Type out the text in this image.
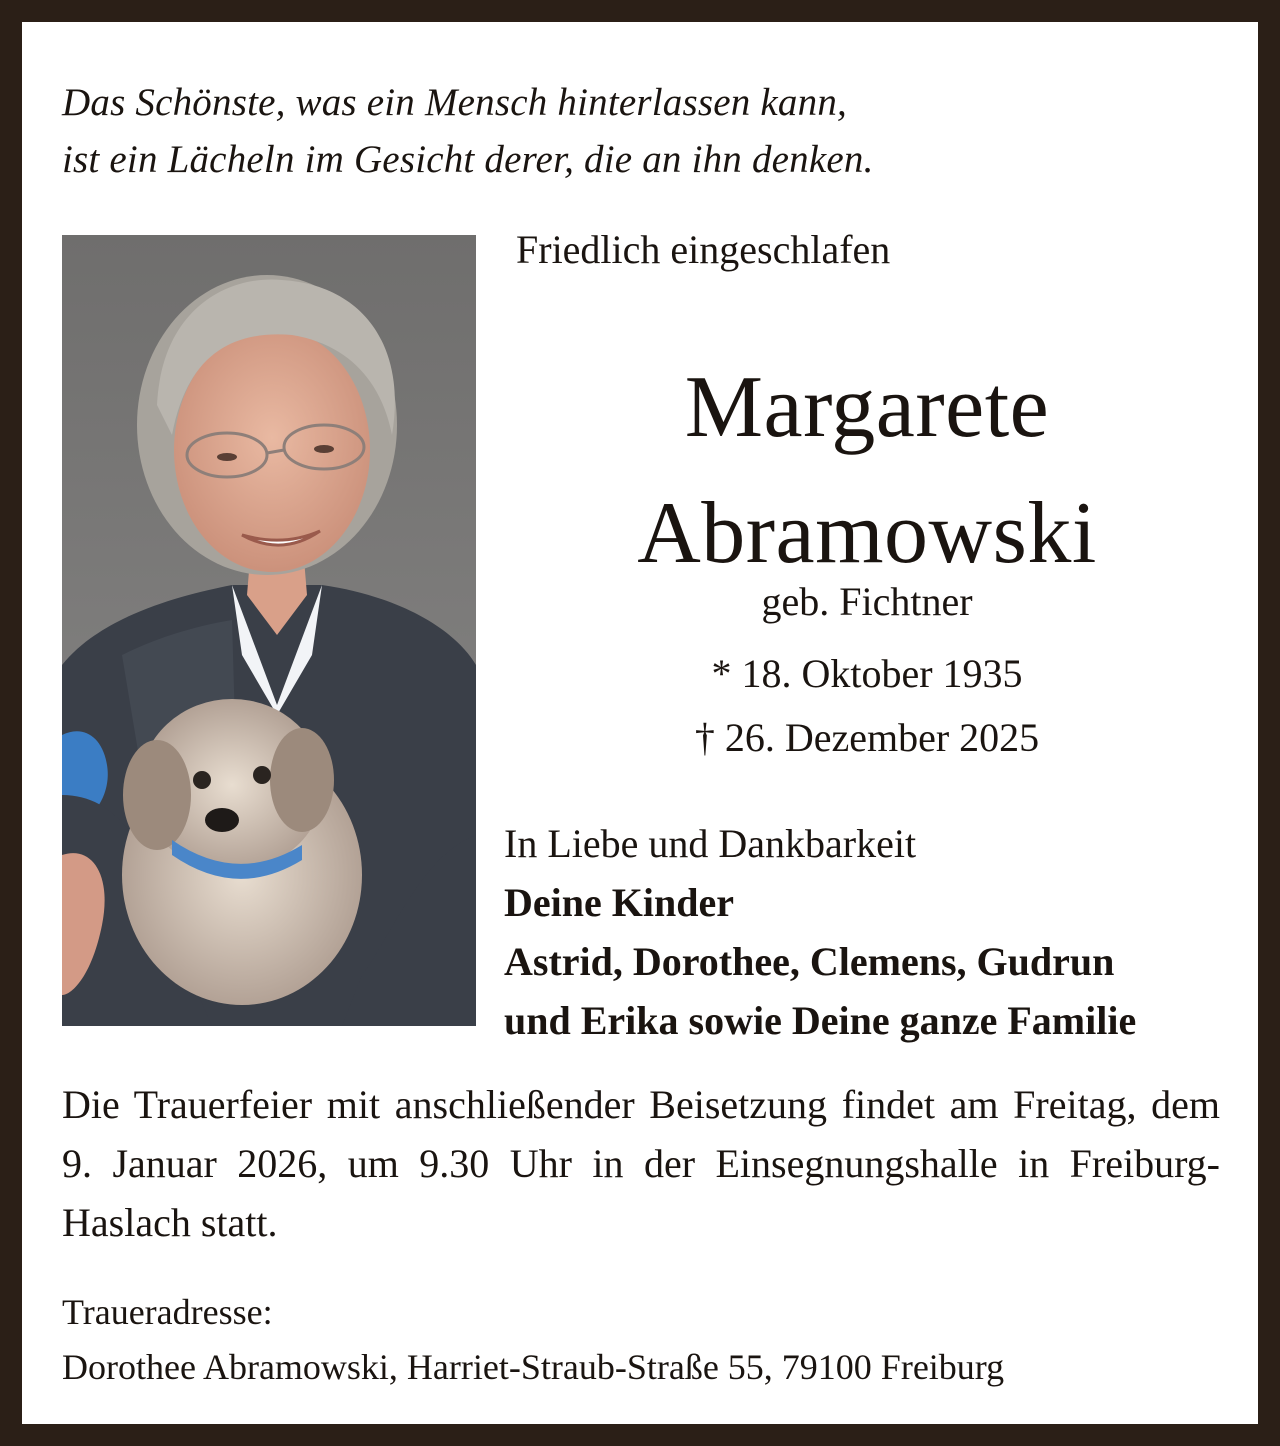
Das Schönste, was ein Mensch hinterlassen kann,
ist ein Lächeln im Gesicht derer, die an ihn denken.
Friedlich eingeschlafen
Margarete
Abramowski
geb. Fichtner
* 18. Oktober 1935
† 26. Dezember 2025
In Liebe und Dankbarkeit
Deine Kinder
Astrid, Dorothee, Clemens, Gudrun
und Erika sowie Deine ganze Familie
Die Trauerfeier mit anschließender Beisetzung findet am Freitag, dem 9. Januar 2026, um 9.30 Uhr in der Einsegnungshalle in Freiburg-Haslach statt.
Traueradresse:
Dorothee Abramowski, Harriet-Straub-Straße 55, 79100 Freiburg
